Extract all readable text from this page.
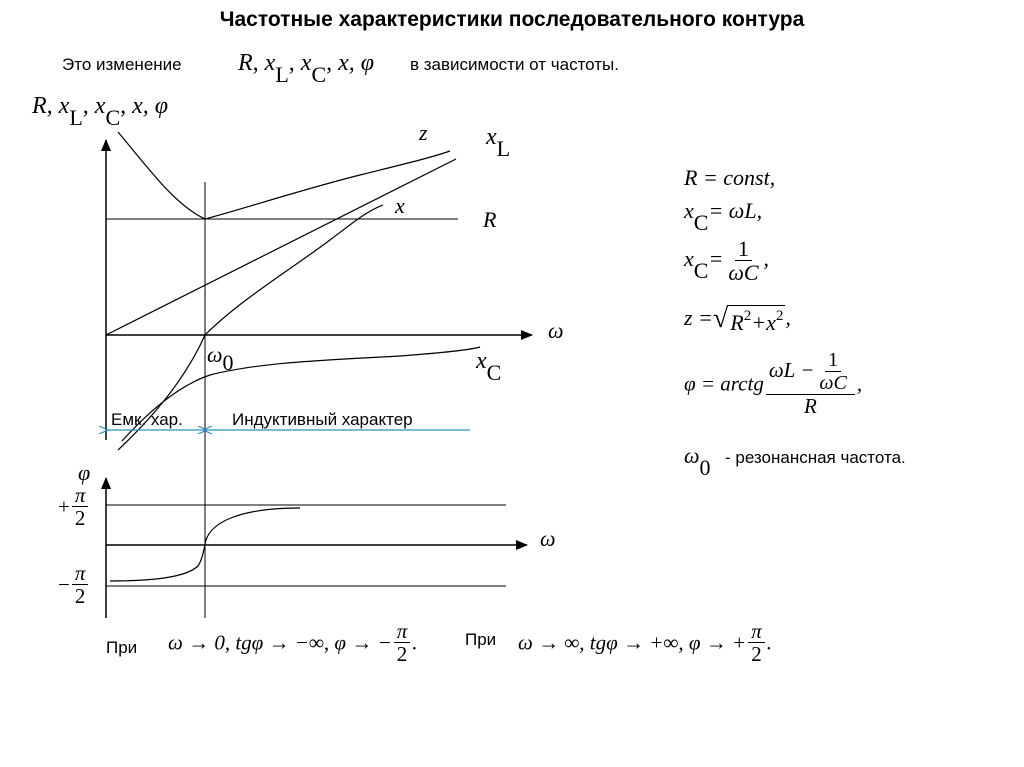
Частотные характеристики последовательного контура
Это изменение R, $x_L$, $x_C$, x, φ в зависимости от частоты.
R, $x_L$, $x_C$, x, φ
z $x_L$
x
R
ω
$\omega_0$	$x_C$
Емк. хар.	Индуктивный характер
R = const,
$x_C= \omega L$,
$x_C= \frac{1}{\omega C}$ ,
z = √ $R^2+x^2$ ,
φ = arctg $\frac{\omega L - \frac{1}{\omega C}}{R}$ ,
$\omega_0$ - резонансная частота.
φ
ω
+ $\frac{\pi}{2}$
− $\frac{\pi}{2}$
При ω → 0, tgφ → −∞, φ → − $\frac{\pi}{2}$ .	При ω → ∞, tgφ → +∞, φ → + $\frac{\pi}{2}$ .
